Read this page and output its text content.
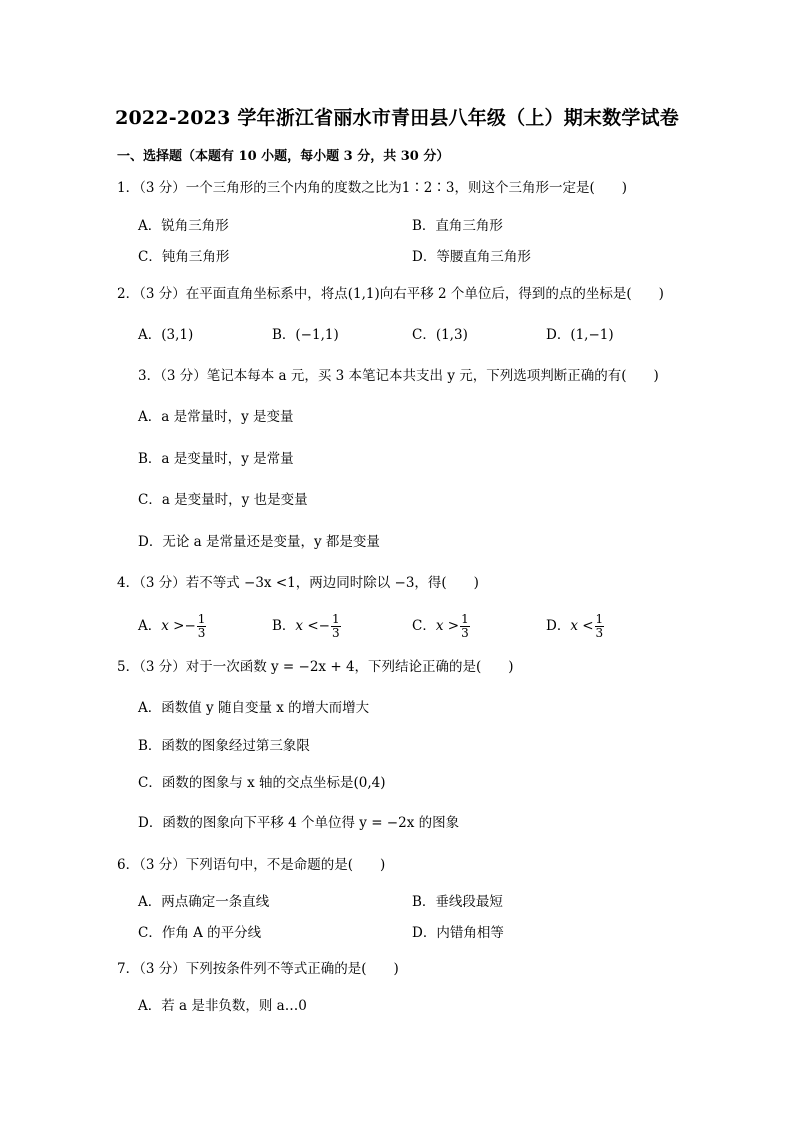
2022-2023 学年浙江省丽水市青田县八年级（上）期末数学试卷
一、选择题（本题有 10 小题，每小题 3 分，共 30 分）
1．（3 分）一个三角形的三个内角的度数之比为1∶2∶3，则这个三角形一定是(　　)
A．锐角三角形	B．直角三角形
C．钝角三角形	D．等腰直角三角形
2．（3 分）在平面直角坐标系中，将点(1,1)向右平移 2 个单位后，得到的点的坐标是(　　)
A．(3,1)	B．(−1,1)	C．(1,3)	D．(1,−1)
3．（3 分）笔记本每本 a 元，买 3 本笔记本共支出 y 元，下列选项判断正确的有(　　)
A．a 是常量时，y 是变量
B．a 是变量时，y 是常量
C．a 是变量时，y 也是变量
D．无论 a 是常量还是变量，y 都是变量
4．（3 分）若不等式 −3x <1，两边同时除以 −3，得(　　)
A．$x >- \frac{1}{3}$	B．$x <- \frac{1}{3}$	C．$x > \frac{1}{3}$	D．$x < \frac{1}{3}$
5．（3 分）对于一次函数 y = −2x + 4，下列结论正确的是(　　)
A．函数值 y 随自变量 x 的增大而增大
B．函数的图象经过第三象限
C．函数的图象与 x 轴的交点坐标是(0,4)
D．函数的图象向下平移 4 个单位得 y = −2x 的图象
6．（3 分）下列语句中，不是命题的是(　　)
A．两点确定一条直线	B．垂线段最短
C．作角 A 的平分线	D．内错角相等
7．（3 分）下列按条件列不等式正确的是(　　)
A．若 a 是非负数，则 a…0
